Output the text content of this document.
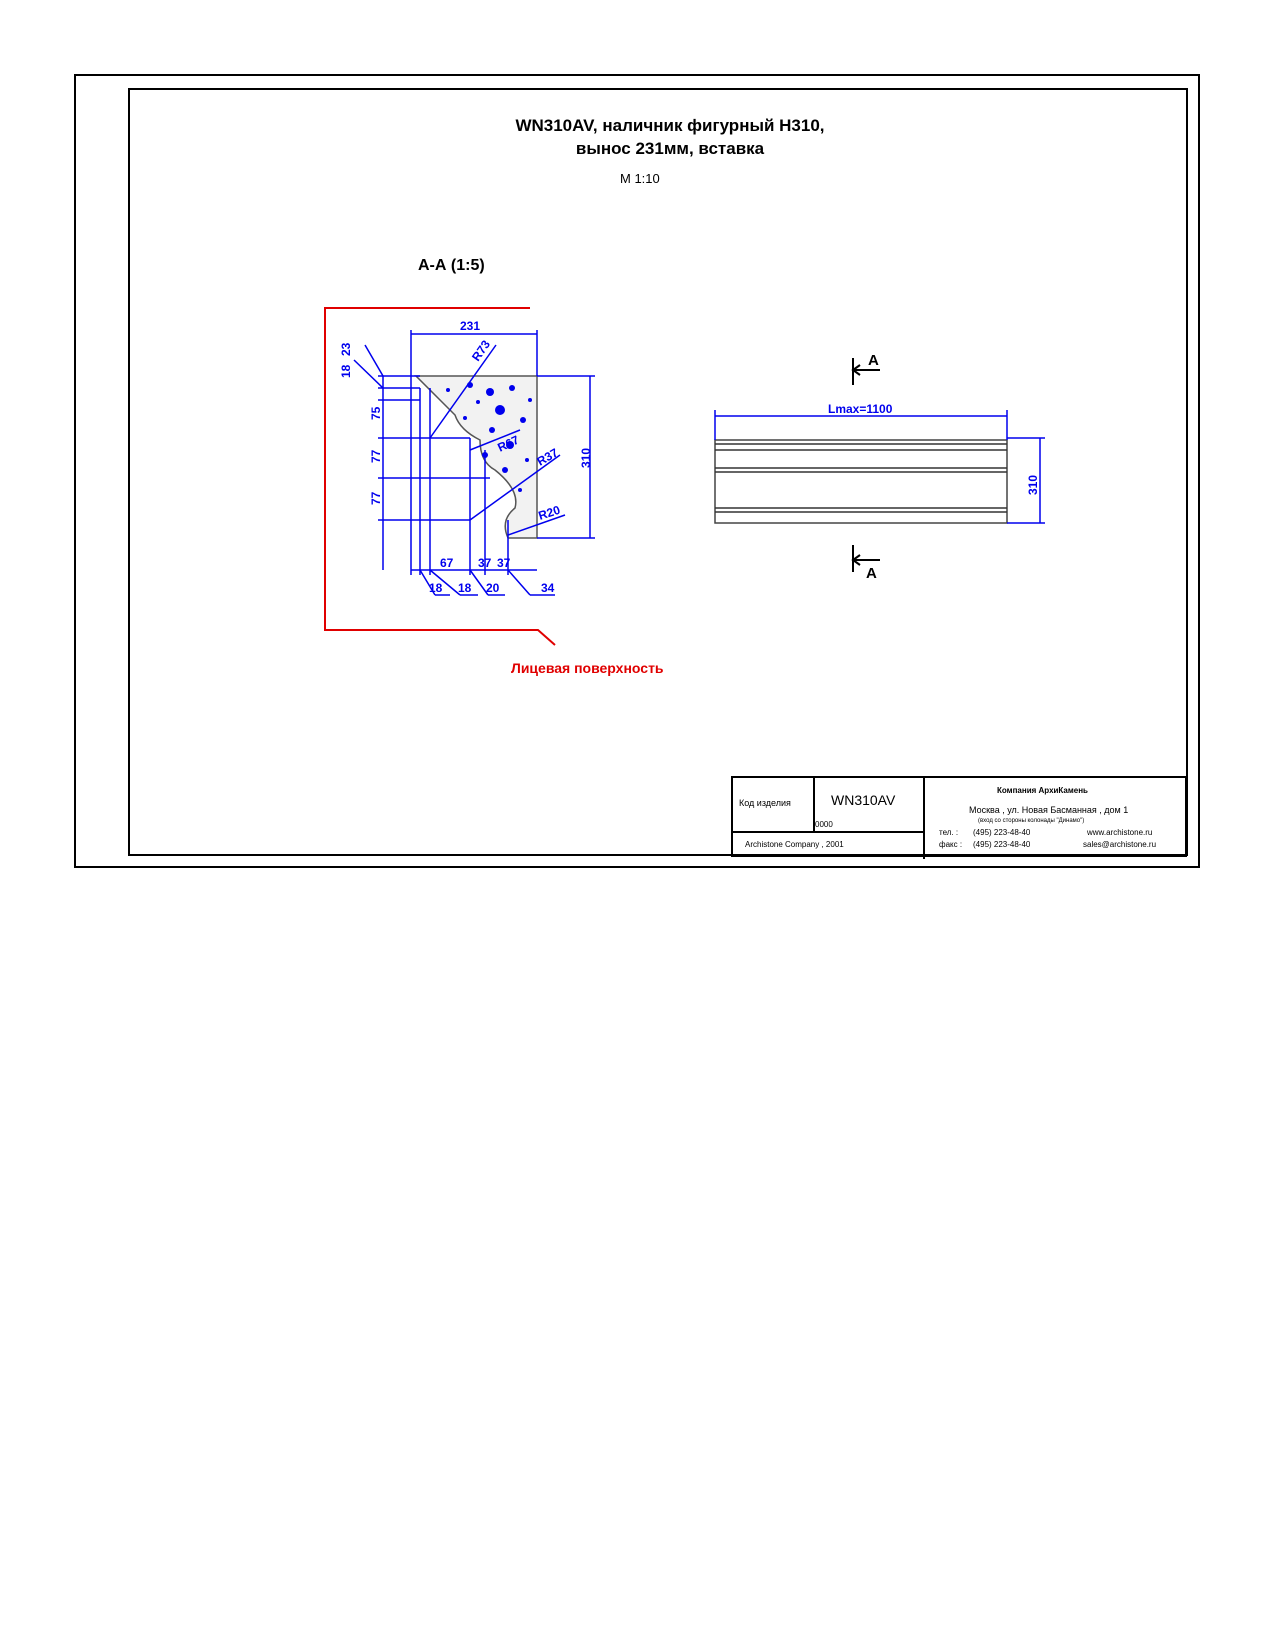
WN310AV, наличник фигурный Н310,
вынос 231мм, вставка
М 1:10
А-А (1:5)
Лицевая поверхность
231
310
18
23
75
77
77
R73
R67
R37
R20
67 37 37
18 18 20	34
Lmax=1100
310
A
A
Код изделия	WN310AV
0000
Archistone Company , 2001
Компания АрхиКамень
Москва , ул. Новая Басманная , дом 1
(вход со стороны колонады "Динамо")
тел. : (495) 223-48-40	www.archistone.ru
факс : (495) 223-48-40	sales@archistone.ru
